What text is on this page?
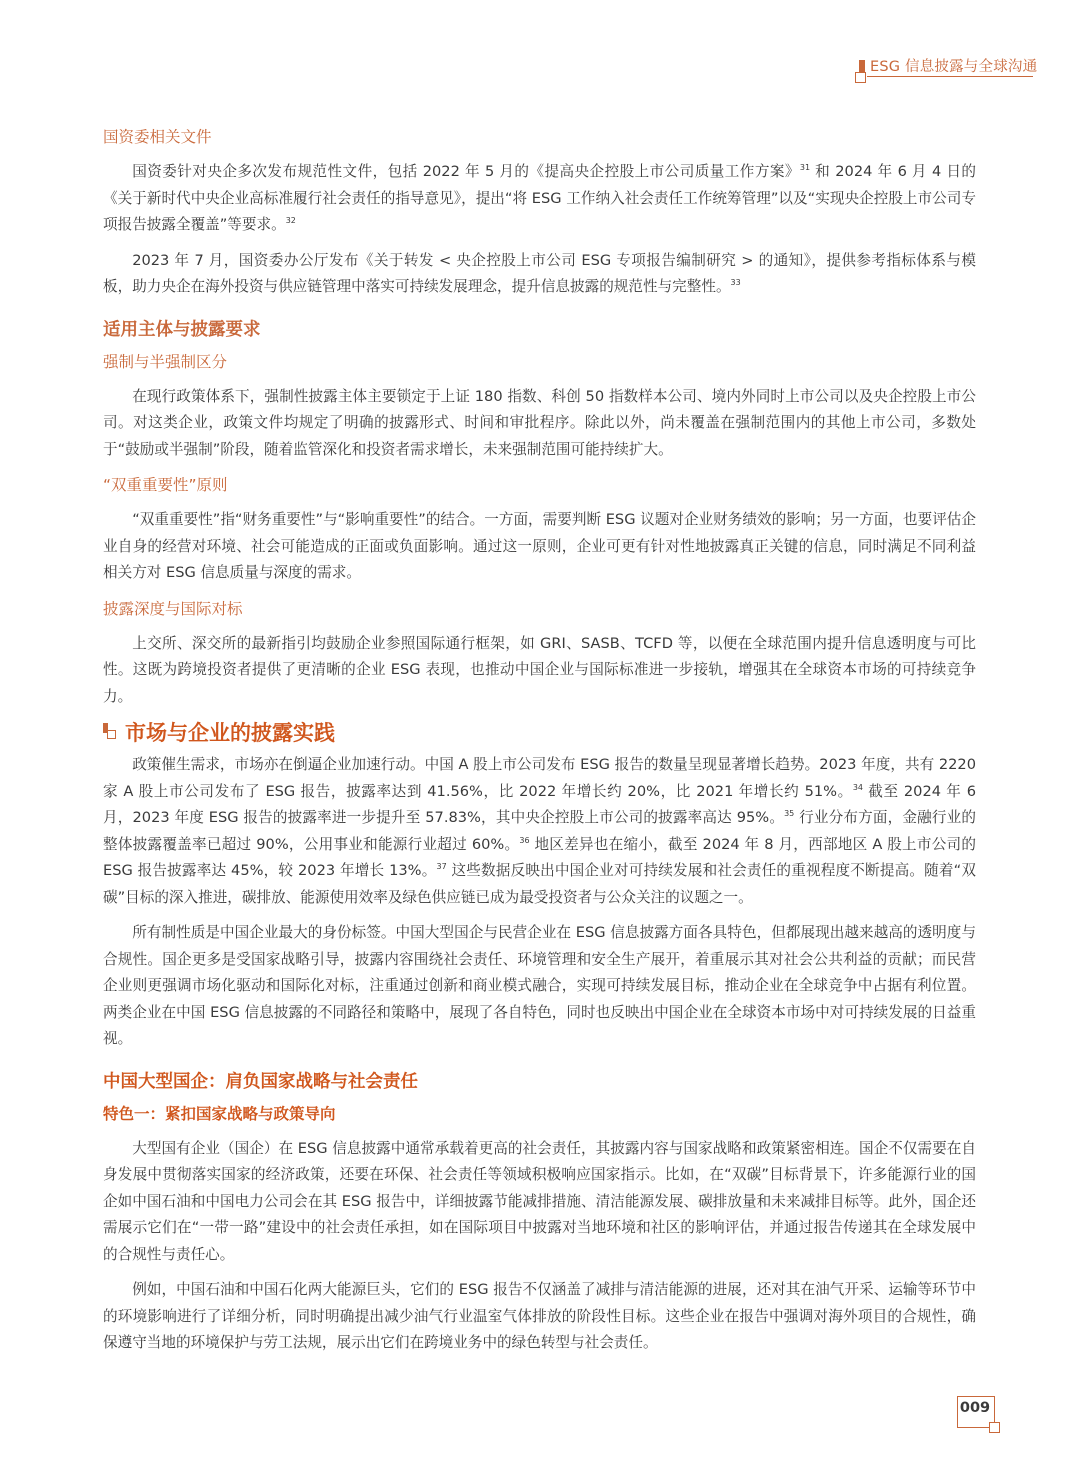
ESG 信息披露与全球沟通

国资委相关文件

国资委针对央企多次发布规范性文件，包括 2022 年 5 月的《提高央企控股上市公司质量工作方案》$^{31}$ 和 2024 年 6 月 4 日的《关于新时代中央企业高标准履行社会责任的指导意见》，提出“将 ESG 工作纳入社会责任工作统筹管理”以及“实现央企控股上市公司专项报告披露全覆盖”等要求。$^{32}$

2023 年 7 月，国资委办公厅发布《关于转发 < 央企控股上市公司 ESG 专项报告编制研究 > 的通知》，提供参考指标体系与模板，助力央企在海外投资与供应链管理中落实可持续发展理念，提升信息披露的规范性与完整性。$^{33}$

适用主体与披露要求

强制与半强制区分

在现行政策体系下，强制性披露主体主要锁定于上证 180 指数、科创 50 指数样本公司、境内外同时上市公司以及央企控股上市公司。对这类企业，政策文件均规定了明确的披露形式、时间和审批程序。除此以外，尚未覆盖在强制范围内的其他上市公司，多数处于“鼓励或半强制”阶段，随着监管深化和投资者需求增长，未来强制范围可能持续扩大。

“双重重要性”原则

“双重重要性”指“财务重要性”与“影响重要性”的结合。一方面，需要判断 ESG 议题对企业财务绩效的影响；另一方面，也要评估企业自身的经营对环境、社会可能造成的正面或负面影响。通过这一原则，企业可更有针对性地披露真正关键的信息，同时满足不同利益相关方对 ESG 信息质量与深度的需求。

披露深度与国际对标

上交所、深交所的最新指引均鼓励企业参照国际通行框架，如 GRI、SASB、TCFD 等，以便在全球范围内提升信息透明度与可比性。这既为跨境投资者提供了更清晰的企业 ESG 表现，也推动中国企业与国际标准进一步接轨，增强其在全球资本市场的可持续竞争力。

市场与企业的披露实践

政策催生需求，市场亦在倒逼企业加速行动。中国 A 股上市公司发布 ESG 报告的数量呈现显著增长趋势。2023 年度，共有 2220 家 A 股上市公司发布了 ESG 报告，披露率达到 41.56%，比 2022 年增长约 20%，比 2021 年增长约 51%。$^{34}$ 截至 2024 年 6 月，2023 年度 ESG 报告的披露率进一步提升至 57.83%，其中央企控股上市公司的披露率高达 95%。$^{35}$ 行业分布方面，金融行业的整体披露覆盖率已超过 90%，公用事业和能源行业超过 60%。$^{36}$ 地区差异也在缩小，截至 2024 年 8 月，西部地区 A 股上市公司的 ESG 报告披露率达 45%，较 2023 年增长 13%。$^{37}$ 这些数据反映出中国企业对可持续发展和社会责任的重视程度不断提高。随着“双碳”目标的深入推进，碳排放、能源使用效率及绿色供应链已成为最受投资者与公众关注的议题之一。

所有制性质是中国企业最大的身份标签。中国大型国企与民营企业在 ESG 信息披露方面各具特色，但都展现出越来越高的透明度与合规性。国企更多是受国家战略引导，披露内容围绕社会责任、环境管理和安全生产展开，着重展示其对社会公共利益的贡献；而民营企业则更强调市场化驱动和国际化对标，注重通过创新和商业模式融合，实现可持续发展目标，推动企业在全球竞争中占据有利位置。两类企业在中国 ESG 信息披露的不同路径和策略中，展现了各自特色，同时也反映出中国企业在全球资本市场中对可持续发展的日益重视。

中国大型国企：肩负国家战略与社会责任

特色一：紧扣国家战略与政策导向

大型国有企业（国企）在 ESG 信息披露中通常承载着更高的社会责任，其披露内容与国家战略和政策紧密相连。国企不仅需要在自身发展中贯彻落实国家的经济政策，还要在环保、社会责任等领域积极响应国家指示。比如，在“双碳”目标背景下，许多能源行业的国企如中国石油和中国电力公司会在其 ESG 报告中，详细披露节能减排措施、清洁能源发展、碳排放量和未来减排目标等。此外，国企还需展示它们在“一带一路”建设中的社会责任承担，如在国际项目中披露对当地环境和社区的影响评估，并通过报告传递其在全球发展中的合规性与责任心。

例如，中国石油和中国石化两大能源巨头，它们的 ESG 报告不仅涵盖了减排与清洁能源的进展，还对其在油气开采、运输等环节中的环境影响进行了详细分析，同时明确提出减少油气行业温室气体排放的阶段性目标。这些企业在报告中强调对海外项目的合规性，确保遵守当地的环境保护与劳工法规，展示出它们在跨境业务中的绿色转型与社会责任。

009
